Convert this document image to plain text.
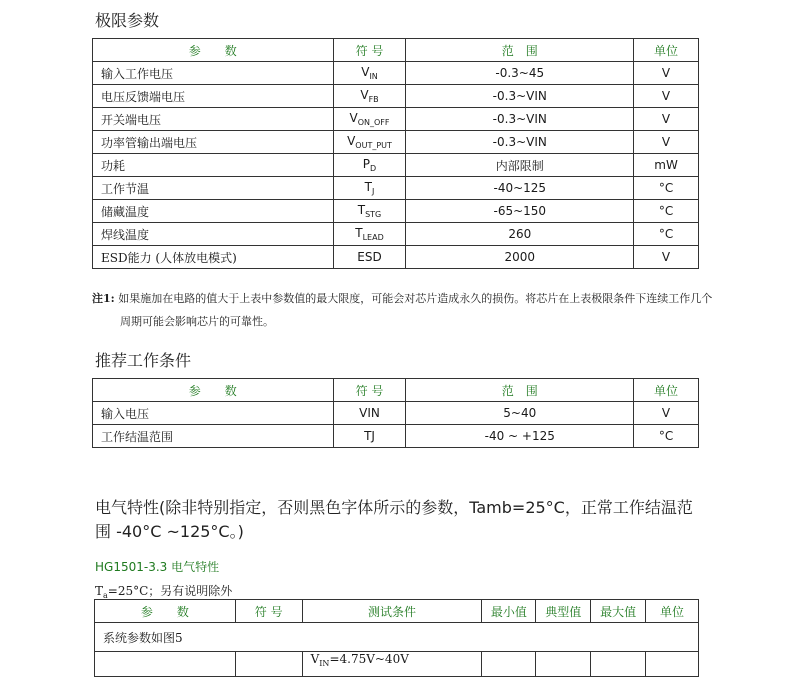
极限参数
参　　数	符 号	范　围	单位
输入工作电压	$V_{IN}$	-0.3~45	V
电压反馈端电压	$V_{FB}$	-0.3~VIN	V
开关端电压	$V_{ON\_OFF}$	-0.3~VIN	V
功率管输出端电压	$V_{OUT\_PUT}$	-0.3~VIN	V
功耗	$P_D$	内部限制	mW
工作节温	$T_J$	-40~125	°C
储藏温度	$T_{STG}$	-65~150	°C
焊线温度	$T_{LEAD}$	260	°C
ESD能力 (人体放电模式)	ESD	2000	V
注1: 如果施加在电路的值大于上表中参数值的最大限度，可能会对芯片造成永久的损伤。将芯片在上表极限条件下连续工作几个
周期可能会影响芯片的可靠性。
推荐工作条件
参　　数	符 号	范　围	单位
输入电压	VIN	5~40	V
工作结温范围	TJ	-40 ~ +125	°C
电气特性(除非特别指定，否则黑色字体所示的参数，Tamb=25°C，正常工作结温范
围 -40°C ~125°C。)
HG1501-3.3 电气特性
$T_a=25^\circ C$；另有说明除外
参　　数	符 号	测试条件	最小值	典型值	最大值	单位
系统参数如图5						
		$V_{IN}=4.75V\sim 40V$				
